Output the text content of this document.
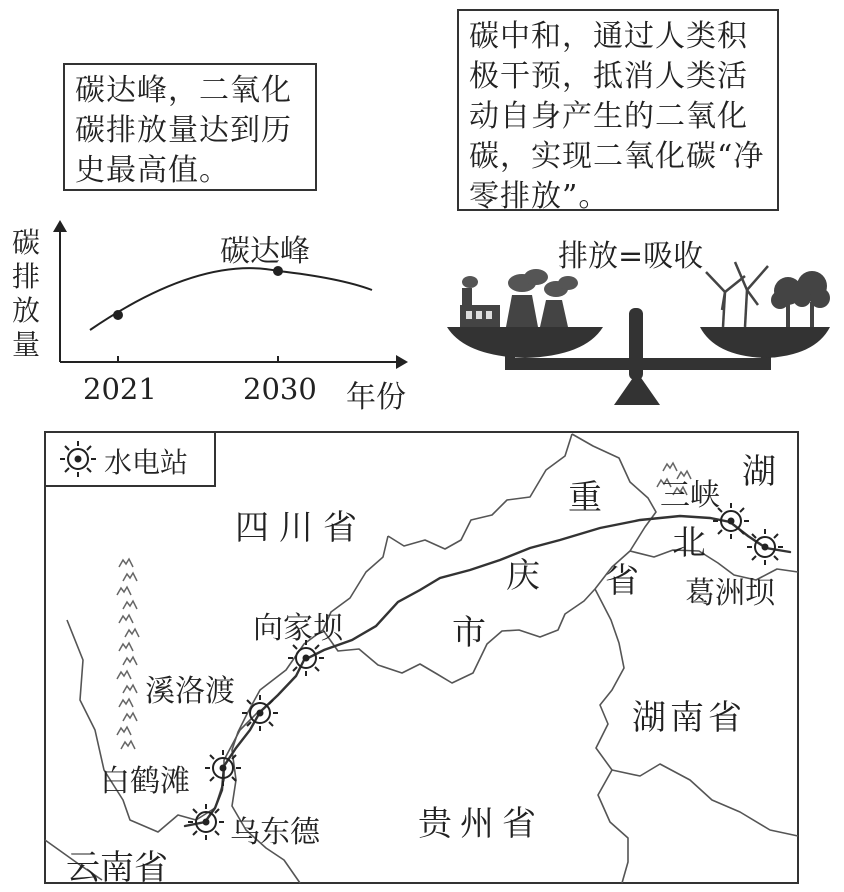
碳达峰，二氧化碳排放量达到历史最高值。
碳中和，通过人类积极干预，抵消人类活动自身产生的二氧化碳，实现二氧化碳“净零排放”。
碳排放量
碳达峰
2021	2030 年份
排放=吸收
水电站
四川省
重
庆
市
湖
北
省
湖南省
贵州省
云南省
向家坝
溪洛渡
白鹤滩
乌东德
三峡
葛洲坝
